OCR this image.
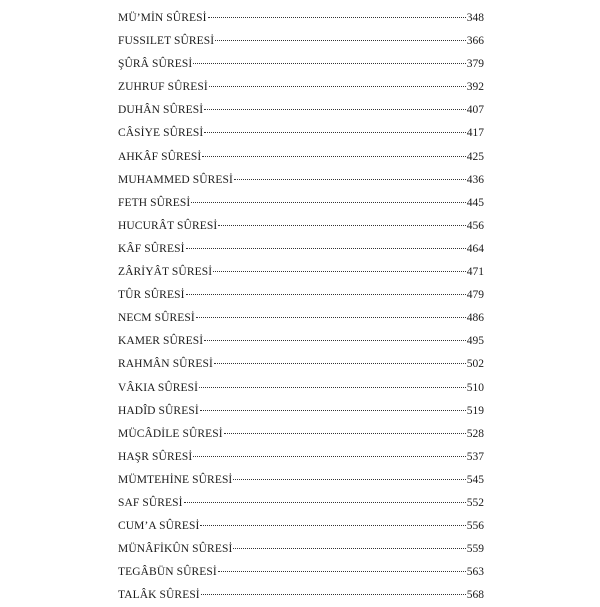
MÜ’MİN SÛRESİ	348
FUSSILET SÛRESİ	366
ŞÛRÂ SÛRESİ	379
ZUHRUF SÛRESİ	392
DUHÂN SÛRESİ	407
CÂSİYE SÛRESİ	417
AHKÂF SÛRESİ	425
MUHAMMED SÛRESİ	436
FETH SÛRESİ	445
HUCURÂT SÛRESİ	456
KÂF SÛRESİ	464
ZÂRİYÂT SÛRESİ	471
TÛR SÛRESİ	479
NECM SÛRESİ	486
KAMER SÛRESİ	495
RAHMÂN SÛRESİ	502
VÂKIA SÛRESİ	510
HADÎD SÛRESİ	519
MÜCÂDİLE SÛRESİ	528
HAŞR SÛRESİ	537
MÜMTEHİNE SÛRESİ	545
SAF SÛRESİ	552
CUM’A SÛRESİ	556
MÜNÂFİKÛN SÛRESİ	559
TEGÂBÜN SÛRESİ	563
TALÂK SÛRESİ	568
